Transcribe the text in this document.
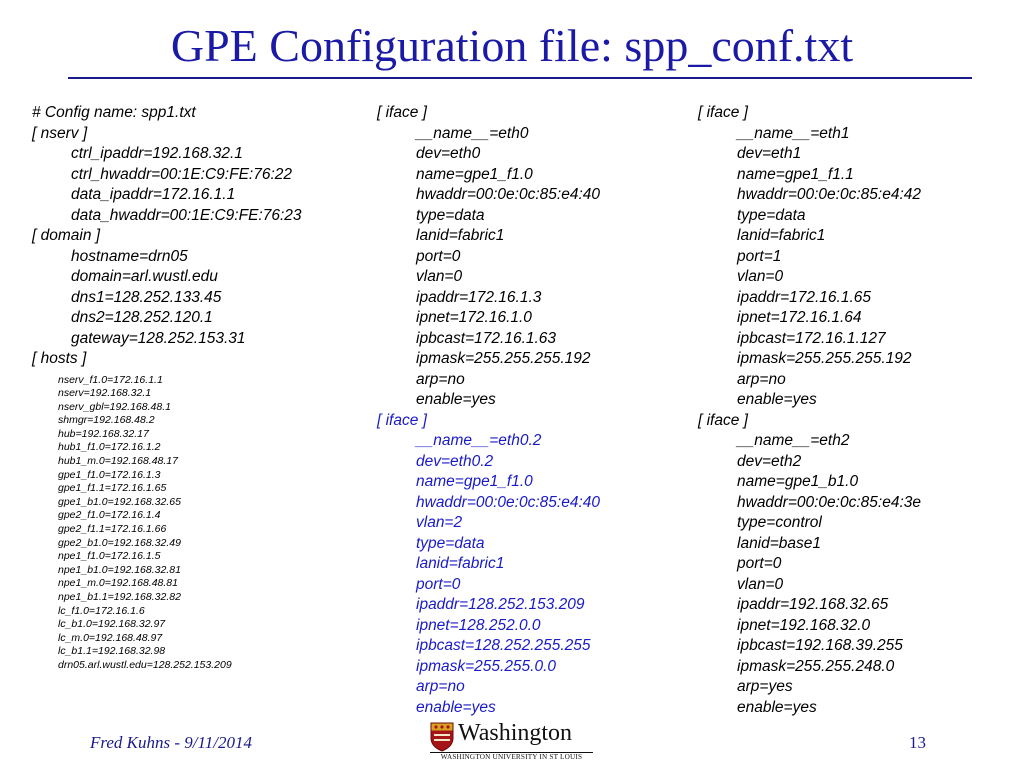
GPE Configuration file: spp_conf.txt
# Config name: spp1.txt
[ nserv ]
ctrl_ipaddr=192.168.32.1
ctrl_hwaddr=00:1E:C9:FE:76:22
data_ipaddr=172.16.1.1
data_hwaddr=00:1E:C9:FE:76:23
[ domain ]
hostname=drn05
domain=arl.wustl.edu
dns1=128.252.133.45
dns2=128.252.120.1
gateway=128.252.153.31
[ hosts ]
nserv_f1.0=172.16.1.1
nserv=192.168.32.1
nserv_gbl=192.168.48.1
shmgr=192.168.48.2
hub=192.168.32.17
hub1_f1.0=172.16.1.2
hub1_m.0=192.168.48.17
gpe1_f1.0=172.16.1.3
gpe1_f1.1=172.16.1.65
gpe1_b1.0=192.168.32.65
gpe2_f1.0=172.16.1.4
gpe2_f1.1=172.16.1.66
gpe2_b1.0=192.168.32.49
npe1_f1.0=172.16.1.5
npe1_b1.0=192.168.32.81
npe1_m.0=192.168.48.81
npe1_b1.1=192.168.32.82
lc_f1.0=172.16.1.6
lc_b1.0=192.168.32.97
lc_m.0=192.168.48.97
lc_b1.1=192.168.32.98
drn05.arl.wustl.edu=128.252.153.209
[ iface ]
__name__=eth0
dev=eth0
name=gpe1_f1.0
hwaddr=00:0e:0c:85:e4:40
type=data
lanid=fabric1
port=0
vlan=0
ipaddr=172.16.1.3
ipnet=172.16.1.0
ipbcast=172.16.1.63
ipmask=255.255.255.192
arp=no
enable=yes
[ iface ]
__name__=eth0.2
dev=eth0.2
name=gpe1_f1.0
hwaddr=00:0e:0c:85:e4:40
vlan=2
type=data
lanid=fabric1
port=0
ipaddr=128.252.153.209
ipnet=128.252.0.0
ipbcast=128.252.255.255
ipmask=255.255.0.0
arp=no
enable=yes
[ iface ]
__name__=eth1
dev=eth1
name=gpe1_f1.1
hwaddr=00:0e:0c:85:e4:42
type=data
lanid=fabric1
port=1
vlan=0
ipaddr=172.16.1.65
ipnet=172.16.1.64
ipbcast=172.16.1.127
ipmask=255.255.255.192
arp=no
enable=yes
[ iface ]
__name__=eth2
dev=eth2
name=gpe1_b1.0
hwaddr=00:0e:0c:85:e4:3e
type=control
lanid=base1
port=0
vlan=0
ipaddr=192.168.32.65
ipnet=192.168.32.0
ipbcast=192.168.39.255
ipmask=255.255.248.0
arp=yes
enable=yes
Fred Kuhns - 9/11/2014	Washington
WASHINGTON UNIVERSITY IN ST LOUIS
13
